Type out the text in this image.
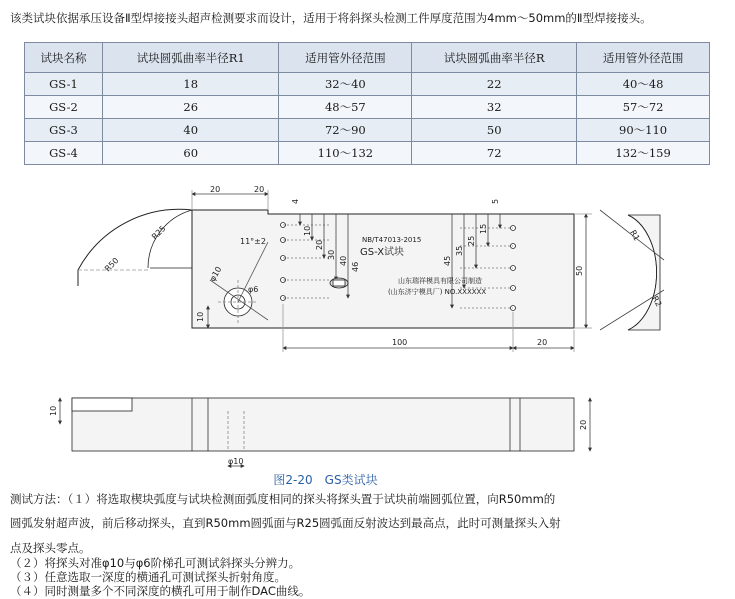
该类试块依据承压设备Ⅱ型焊接接头超声检测要求而设计，适用于将斜探头检测工件厚度范围为4mm～50mm的Ⅱ型焊接接头。
试块名称	试块圆弧曲率半径R1	适用管外径范围	试块圆弧曲率半径R	适用管外径范围
GS-1	18	32～40	22	40～48
GS-2	26	48～57	32	57～72
GS-3	40	72～90	50	90～110
GS-4	60	110～132	72	132～159
20	20
R25
R50
11°±2
φ10
φ6
10
4
10
20
30
40
46
5
15
25
35
45
100	20
50
R1
R2
10
20
φ10
NB/T47013-2015
GS-X试块
山东瑞祥模具有限公司制造
(山东济宁模具厂) NO.XXXXXX
图2-20　GS类试块
测试方法：（１）将选取楔块弧度与试块检测面弧度相同的探头将探头置于试块前端圆弧位置，向R50mm的
圆弧发射超声波，前后移动探头，直到R50mm圆弧面与R25圆弧面反射波达到最高点，此时可测量探头入射
点及探头零点。
（２）将探头对准φ10与φ6阶梯孔可测试斜探头分辨力。
（３）任意选取一深度的横通孔可测试探头折射角度。
（４）同时测量多个不同深度的横孔可用于制作DAC曲线。
